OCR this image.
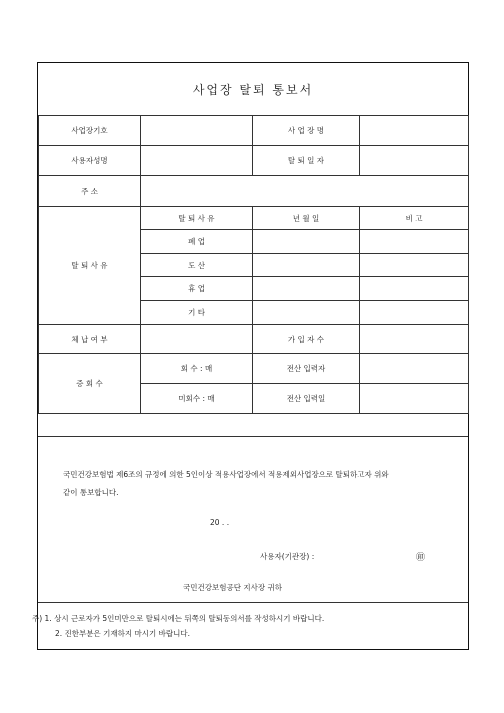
사업장 탈퇴 통보서
사업장기호		사 업 장 명	
사용자성명		탈 퇴 일 자	
주 소			
탈 퇴 사 유	탈 퇴 사 유	년 월 일	비 고
	폐 업		
	도 산		
	휴 업		
	기 타		
체 납 여 부		가 입 자 수	
증 회 수	회 수 : 매	전산 입력자	
	미회수 : 매	전산 입력일	
국민건강보험법 제6조의 규정에 의한 5인이상 적용사업장에서 적용제외사업장으로 탈퇴하고자 위와
같이 통보합니다.
20 . .
사용자(기관장) :	㊞
국민건강보험공단 지사장 귀하
주) 1. 상시 근로자가 5인미만으로 탈퇴시에는 뒤쪽의 탈퇴동의서를 작성하시기 바랍니다.
2. 진한부분은 기재하지 마시기 바랍니다.
